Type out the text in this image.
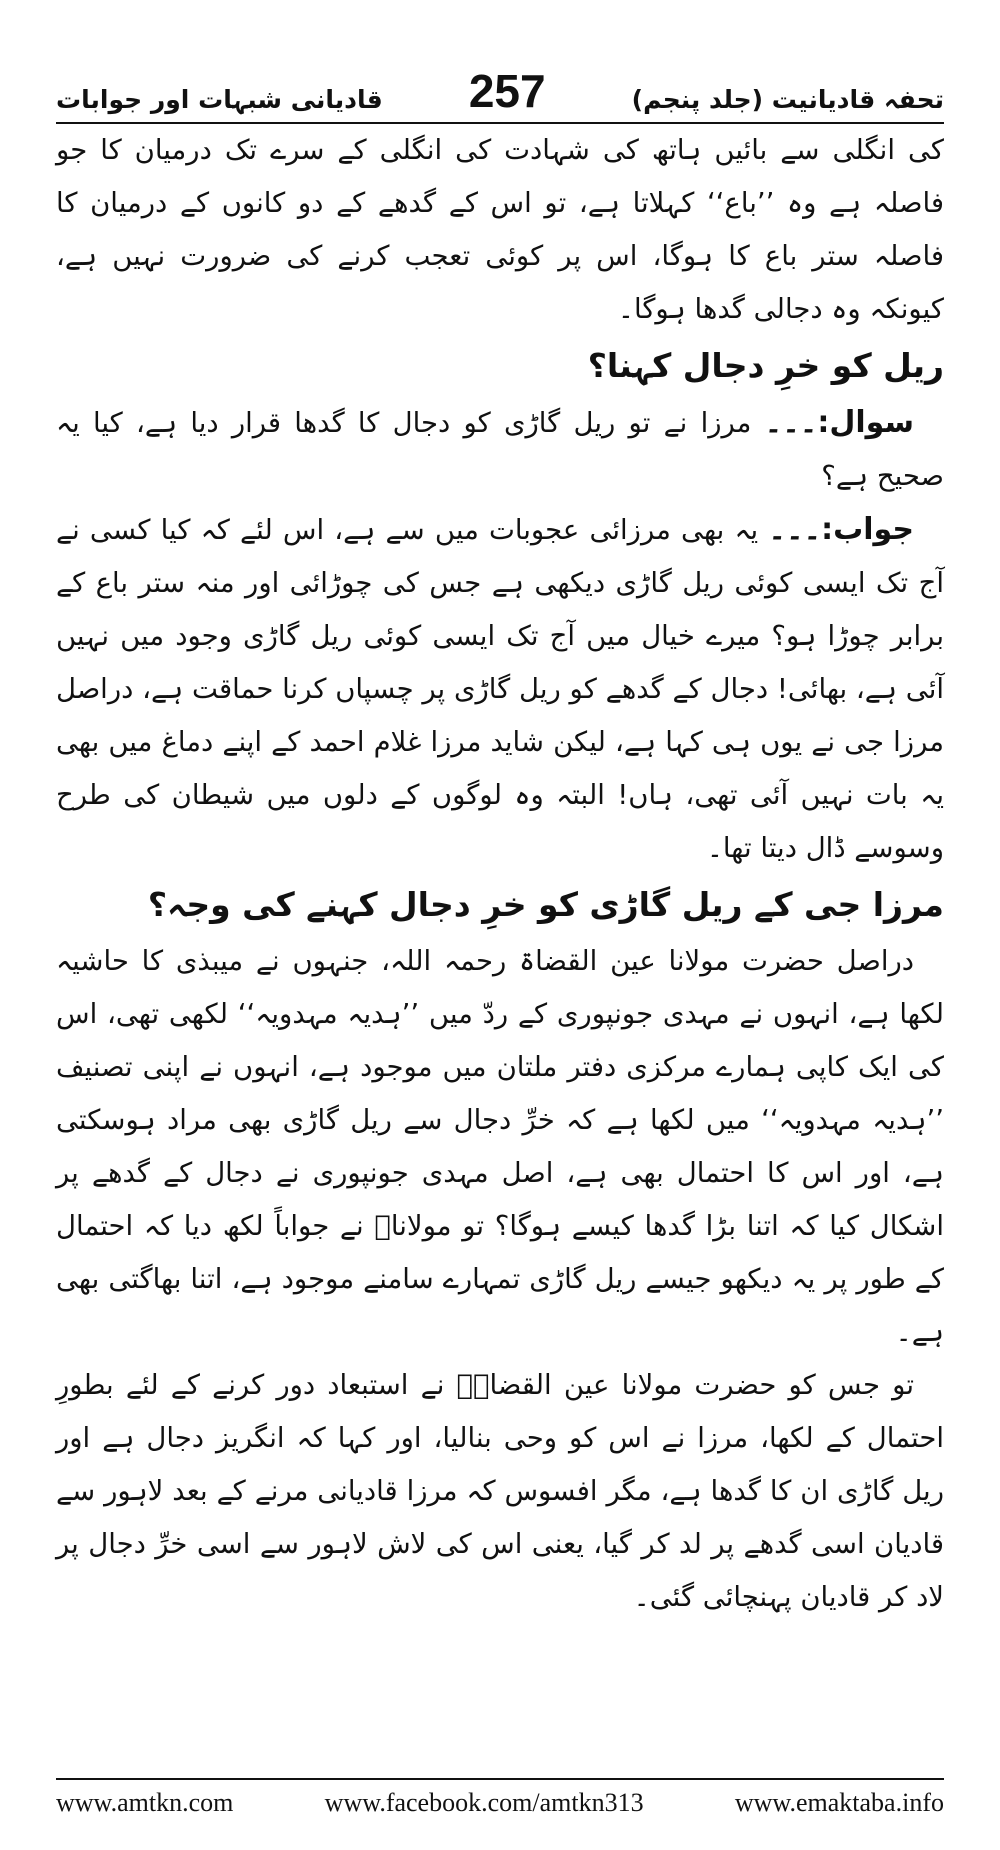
قادیانی شبہات اور جوابات 257	تحفہ قادیانیت (جلد پنجم)

کی انگلی سے بائیں ہاتھ کی شہادت کی انگلی کے سرے تک درمیان کا جو فاصلہ ہے وہ ’’باع‘‘ کہلاتا ہے، تو اس کے گدھے کے دو کانوں کے درمیان کا فاصلہ ستر باع کا ہوگا، اس پر کوئی تعجب کرنے کی ضرورت نہیں ہے، کیونکہ وہ دجالی گدھا ہوگا۔

ریل کو خرِ دجال کہنا؟

سوال:۔۔۔ مرزا نے تو ریل گاڑی کو دجال کا گدھا قرار دیا ہے، کیا یہ صحیح ہے؟

جواب:۔۔۔ یہ بھی مرزائی عجوبات میں سے ہے، اس لئے کہ کیا کسی نے آج تک ایسی کوئی ریل گاڑی دیکھی ہے جس کی چوڑائی اور منہ ستر باع کے برابر چوڑا ہو؟ میرے خیال میں آج تک ایسی کوئی ریل گاڑی وجود میں نہیں آئی ہے، بھائی! دجال کے گدھے کو ریل گاڑی پر چسپاں کرنا حماقت ہے، دراصل مرزا جی نے یوں ہی کہا ہے، لیکن شاید مرزا غلام احمد کے اپنے دماغ میں بھی یہ بات نہیں آئی تھی، ہاں! البتہ وہ لوگوں کے دلوں میں شیطان کی طرح وسوسے ڈال دیتا تھا۔

مرزا جی کے ریل گاڑی کو خرِ دجال کہنے کی وجہ؟

دراصل حضرت مولانا عین القضاۃ رحمہ اللہ، جنہوں نے میبذی کا حاشیہ لکھا ہے، انہوں نے مہدی جونپوری کے ردّ میں ’’ہدیہ مہدویہ‘‘ لکھی تھی، اس کی ایک کاپی ہمارے مرکزی دفتر ملتان میں موجود ہے، انہوں نے اپنی تصنیف ’’ہدیہ مہدویہ‘‘ میں لکھا ہے کہ خرِّ دجال سے ریل گاڑی بھی مراد ہوسکتی ہے، اور اس کا احتمال بھی ہے، اصل مہدی جونپوری نے دجال کے گدھے پر اشکال کیا کہ اتنا بڑا گدھا کیسے ہوگا؟ تو مولاناؒ نے جواباً لکھ دیا کہ احتمال کے طور پر یہ دیکھو جیسے ریل گاڑی تمہارے سامنے موجود ہے، اتنا بھاگتی بھی ہے۔

تو جس کو حضرت مولانا عین القضاۃؒ نے استبعاد دور کرنے کے لئے بطورِ احتمال کے لکھا، مرزا نے اس کو وحی بنالیا، اور کہا کہ انگریز دجال ہے اور ریل گاڑی ان کا گدھا ہے، مگر افسوس کہ مرزا قادیانی مرنے کے بعد لاہور سے قادیان اسی گدھے پر لد کر گیا، یعنی اس کی لاش لاہور سے اسی خرِّ دجال پر لاد کر قادیان پہنچائی گئی۔

www.amtkn.com	www.facebook.com/amtkn313	www.emaktaba.info
